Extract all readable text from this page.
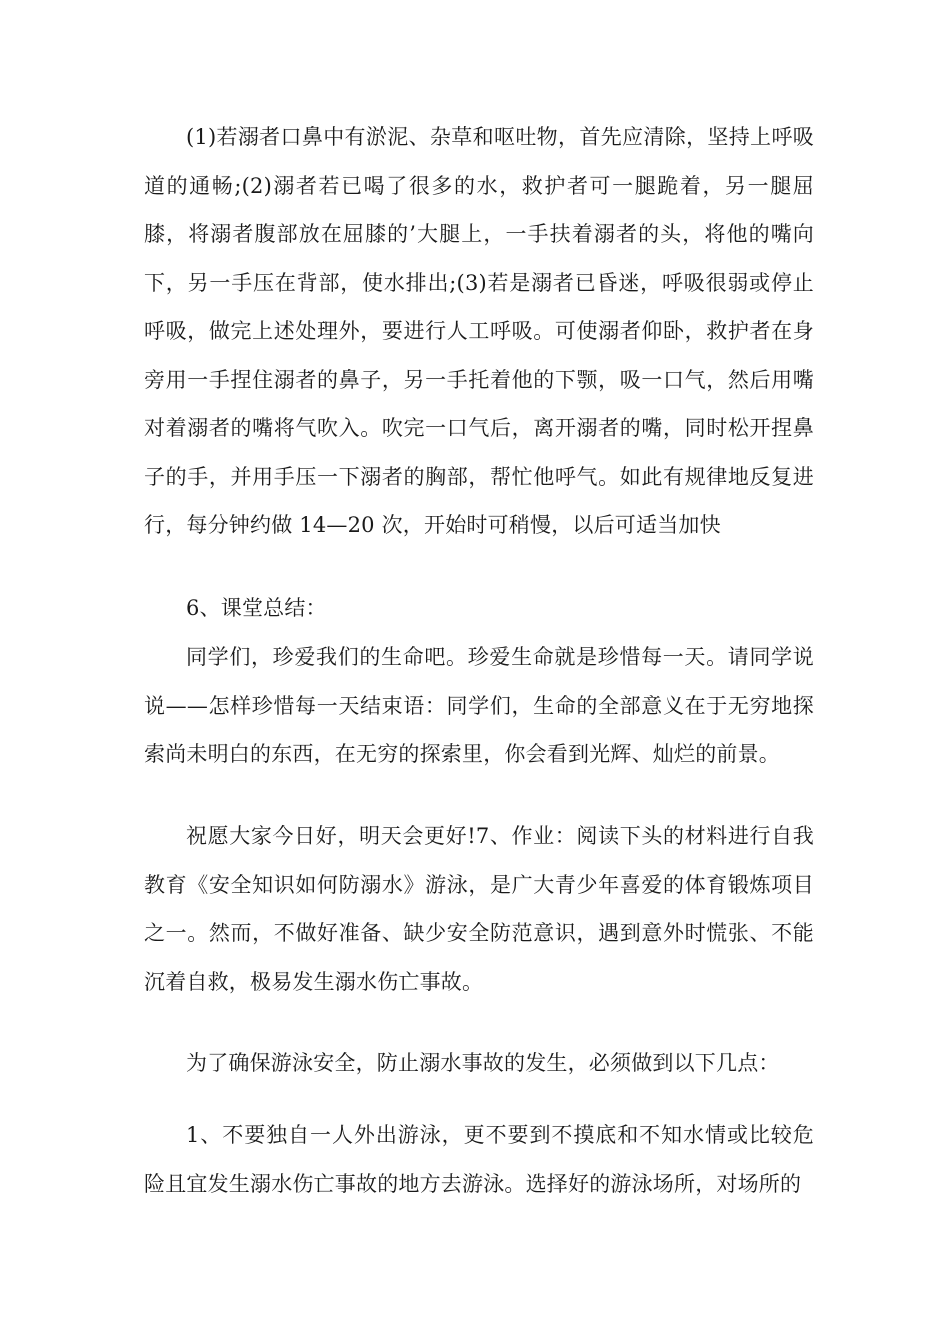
(1)若溺者口鼻中有淤泥、杂草和呕吐物，首先应清除，坚持上呼吸道的通畅;(2)溺者若已喝了很多的水，救护者可一腿跪着，另一腿屈膝，将溺者腹部放在屈膝的’大腿上，一手扶着溺者的头，将他的嘴向下，另一手压在背部，使水排出;(3)若是溺者已昏迷，呼吸很弱或停止呼吸，做完上述处理外，要进行人工呼吸。可使溺者仰卧，救护者在身旁用一手捏住溺者的鼻子，另一手托着他的下颚，吸一口气，然后用嘴对着溺者的嘴将气吹入。吹完一口气后，离开溺者的嘴，同时松开捏鼻子的手，并用手压一下溺者的胸部，帮忙他呼气。如此有规律地反复进行，每分钟约做 14—20 次，开始时可稍慢，以后可适当加快

6、课堂总结：

同学们，珍爱我们的生命吧。珍爱生命就是珍惜每一天。请同学说说——怎样珍惜每一天结束语：同学们，生命的全部意义在于无穷地探索尚未明白的东西，在无穷的探索里，你会看到光辉、灿烂的前景。

祝愿大家今日好，明天会更好!7、作业：阅读下头的材料进行自我教育《安全知识如何防溺水》游泳，是广大青少年喜爱的体育锻炼项目之一。然而，不做好准备、缺少安全防范意识，遇到意外时慌张、不能沉着自救，极易发生溺水伤亡事故。

为了确保游泳安全，防止溺水事故的发生，必须做到以下几点：

1、不要独自一人外出游泳，更不要到不摸底和不知水情或比较危险且宜发生溺水伤亡事故的地方去游泳。选择好的游泳场所，对场所的
